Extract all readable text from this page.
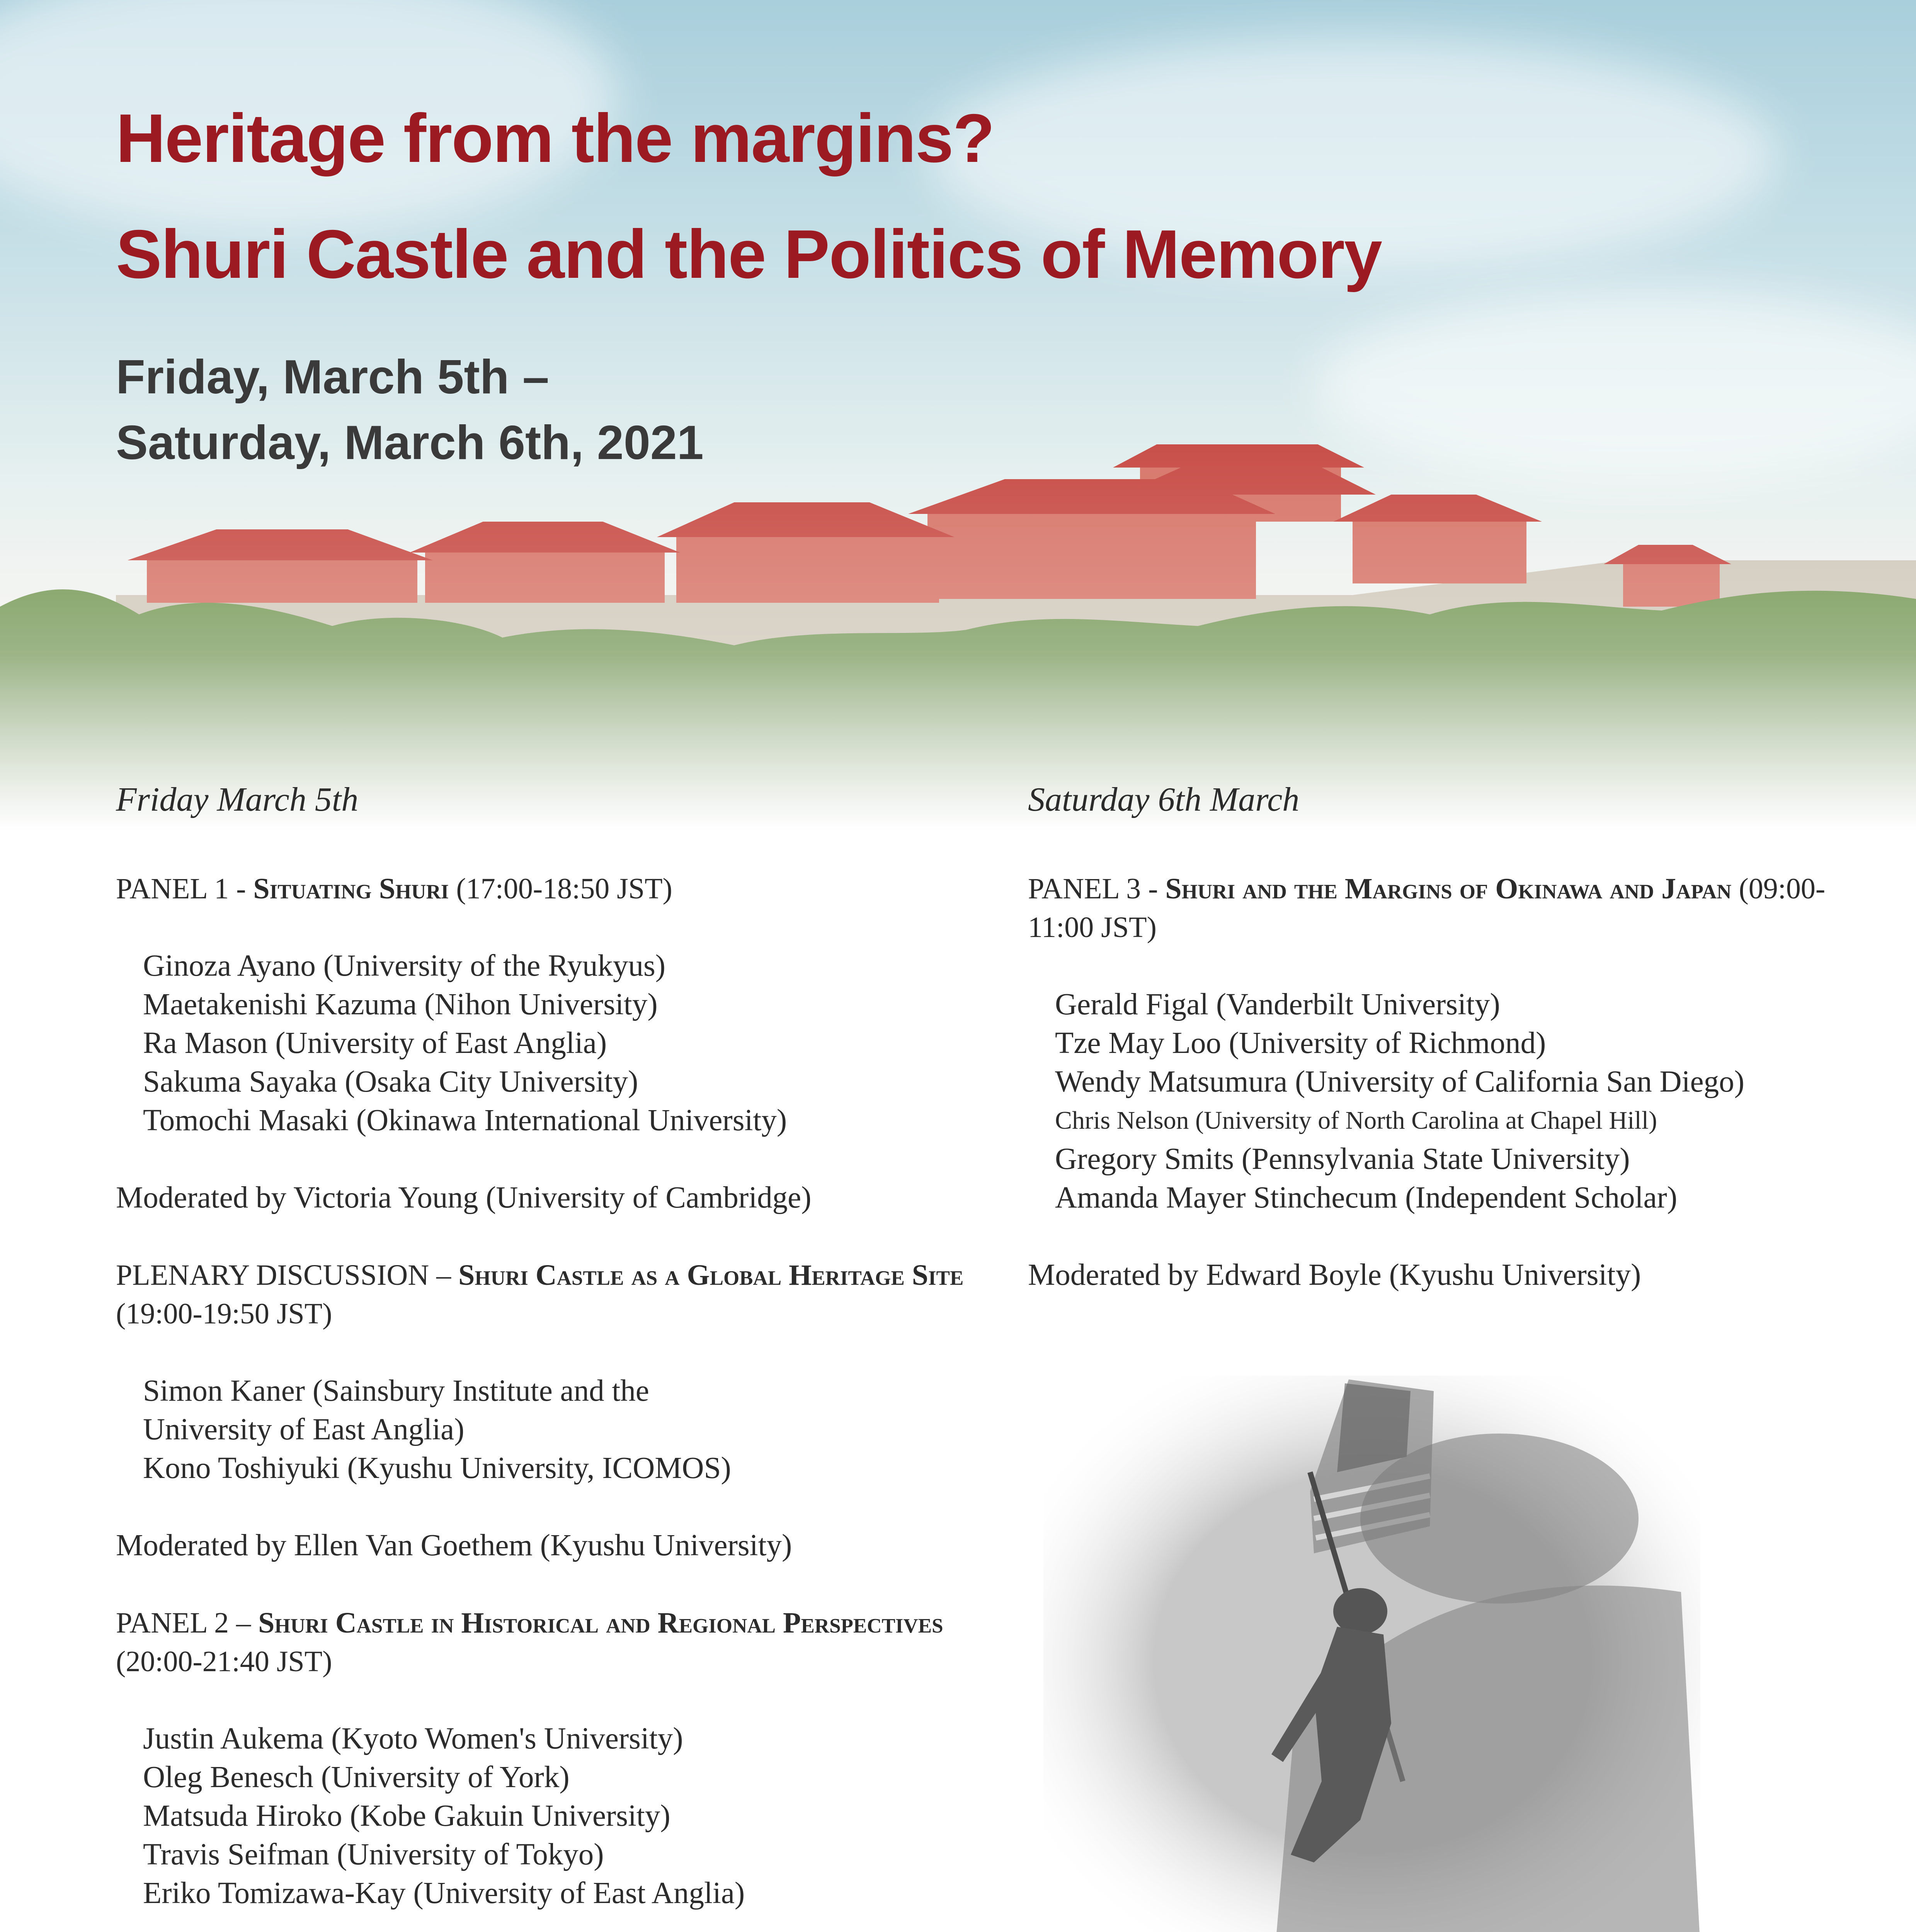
Heritage from the margins?
Shuri Castle and the Politics of Memory
Friday, March 5th –
Saturday, March 6th, 2021

Friday March 5th

PANEL 1 - Situating Shuri (17:00-18:50 JST)

Ginoza Ayano (University of the Ryukyus)
Maetakenishi Kazuma (Nihon University)
Ra Mason (University of East Anglia)
Sakuma Sayaka (Osaka City University)
Tomochi Masaki (Okinawa International University)

Moderated by Victoria Young (University of Cambridge)

PLENARY DISCUSSION – Shuri Castle as a Global Heritage Site (19:00-19:50 JST)

Simon Kaner (Sainsbury Institute and the
University of East Anglia)
Kono Toshiyuki (Kyushu University, ICOMOS)

Moderated by Ellen Van Goethem (Kyushu University)

PANEL 2 – Shuri Castle in Historical and Regional Perspectives (20:00-21:40 JST)

Justin Aukema (Kyoto Women's University)
Oleg Benesch (University of York)
Matsuda Hiroko (Kobe Gakuin University)
Travis Seifman (University of Tokyo)
Eriko Tomizawa-Kay (University of East Anglia)

Saturday 6th March

PANEL 3 - Shuri and the Margins of Okinawa and Japan (09:00-11:00 JST)

Gerald Figal (Vanderbilt University)
Tze May Loo (University of Richmond)
Wendy Matsumura (University of California San Diego)
Chris Nelson (University of North Carolina at Chapel Hill)
Gregory Smits (Pennsylvania State University)
Amanda Mayer Stinchecum (Independent Scholar)

Moderated by Edward Boyle (Kyushu University)
